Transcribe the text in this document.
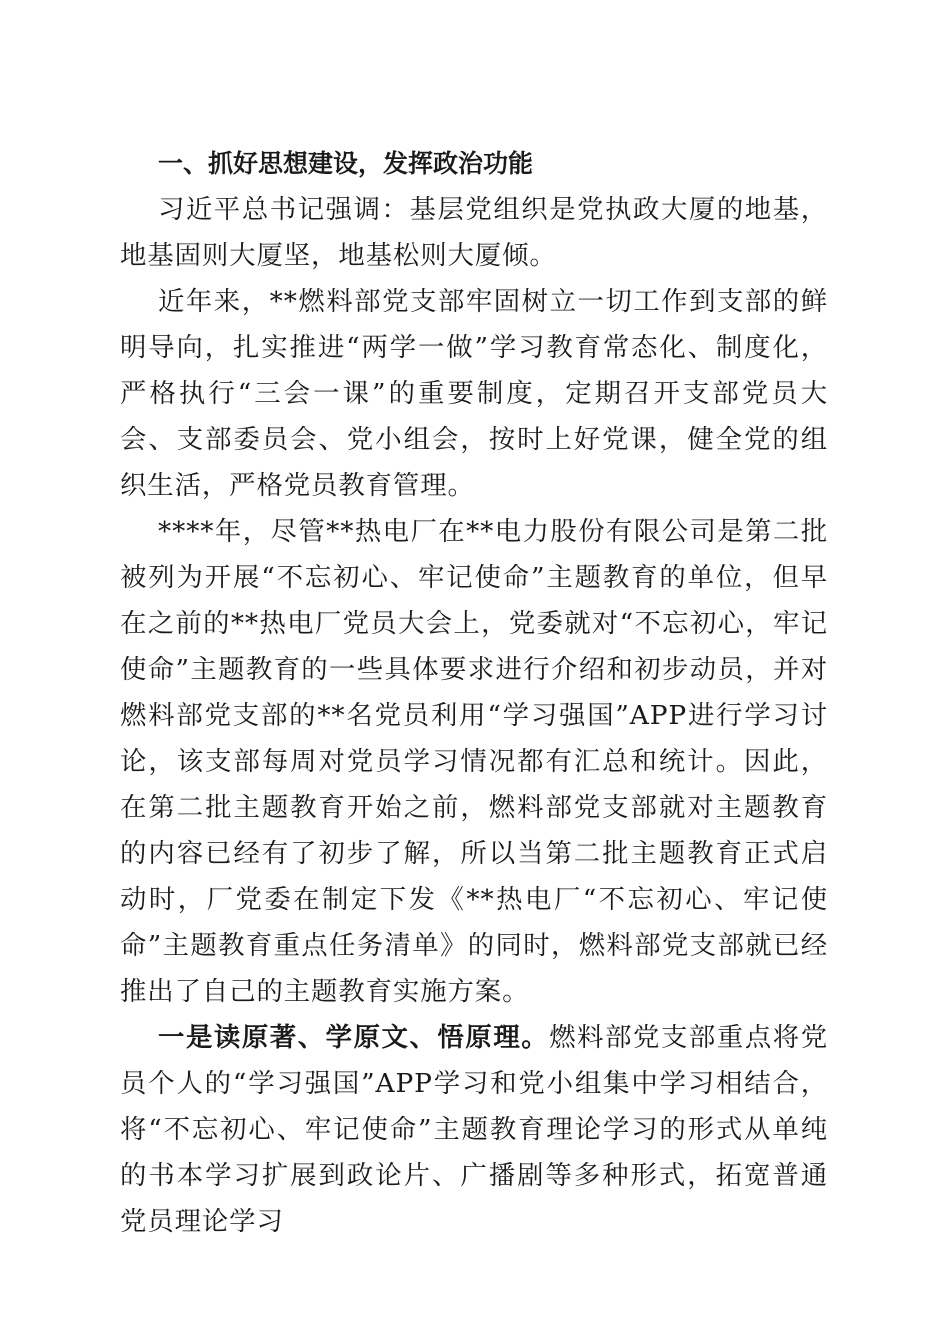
一、抓好思想建设，发挥政治功能

习近平总书记强调：基层党组织是党执政大厦的地基，地基固则大厦坚，地基松则大厦倾。

近年来，**燃料部党支部牢固树立一切工作到支部的鲜明导向，扎实推进“两学一做”学习教育常态化、制度化，严格执行“三会一课”的重要制度，定期召开支部党员大会、支部委员会、党小组会，按时上好党课，健全党的组织生活，严格党员教育管理。

****年，尽管**热电厂在**电力股份有限公司是第二批被列为开展“不忘初心、牢记使命”主题教育的单位，但早在之前的**热电厂党员大会上，党委就对“不忘初心，牢记使命”主题教育的一些具体要求进行介绍和初步动员，并对燃料部党支部的**名党员利用“学习强国”APP进行学习讨论，该支部每周对党员学习情况都有汇总和统计。因此，在第二批主题教育开始之前，燃料部党支部就对主题教育的内容已经有了初步了解，所以当第二批主题教育正式启动时，厂党委在制定下发《**热电厂“不忘初心、牢记使命”主题教育重点任务清单》的同时，燃料部党支部就已经推出了自己的主题教育实施方案。

一是读原著、学原文、悟原理。燃料部党支部重点将党员个人的“学习强国”APP学习和党小组集中学习相结合，将“不忘初心、牢记使命”主题教育理论学习的形式从单纯的书本学习扩展到政论片、广播剧等多种形式，拓宽普通党员理论学习
